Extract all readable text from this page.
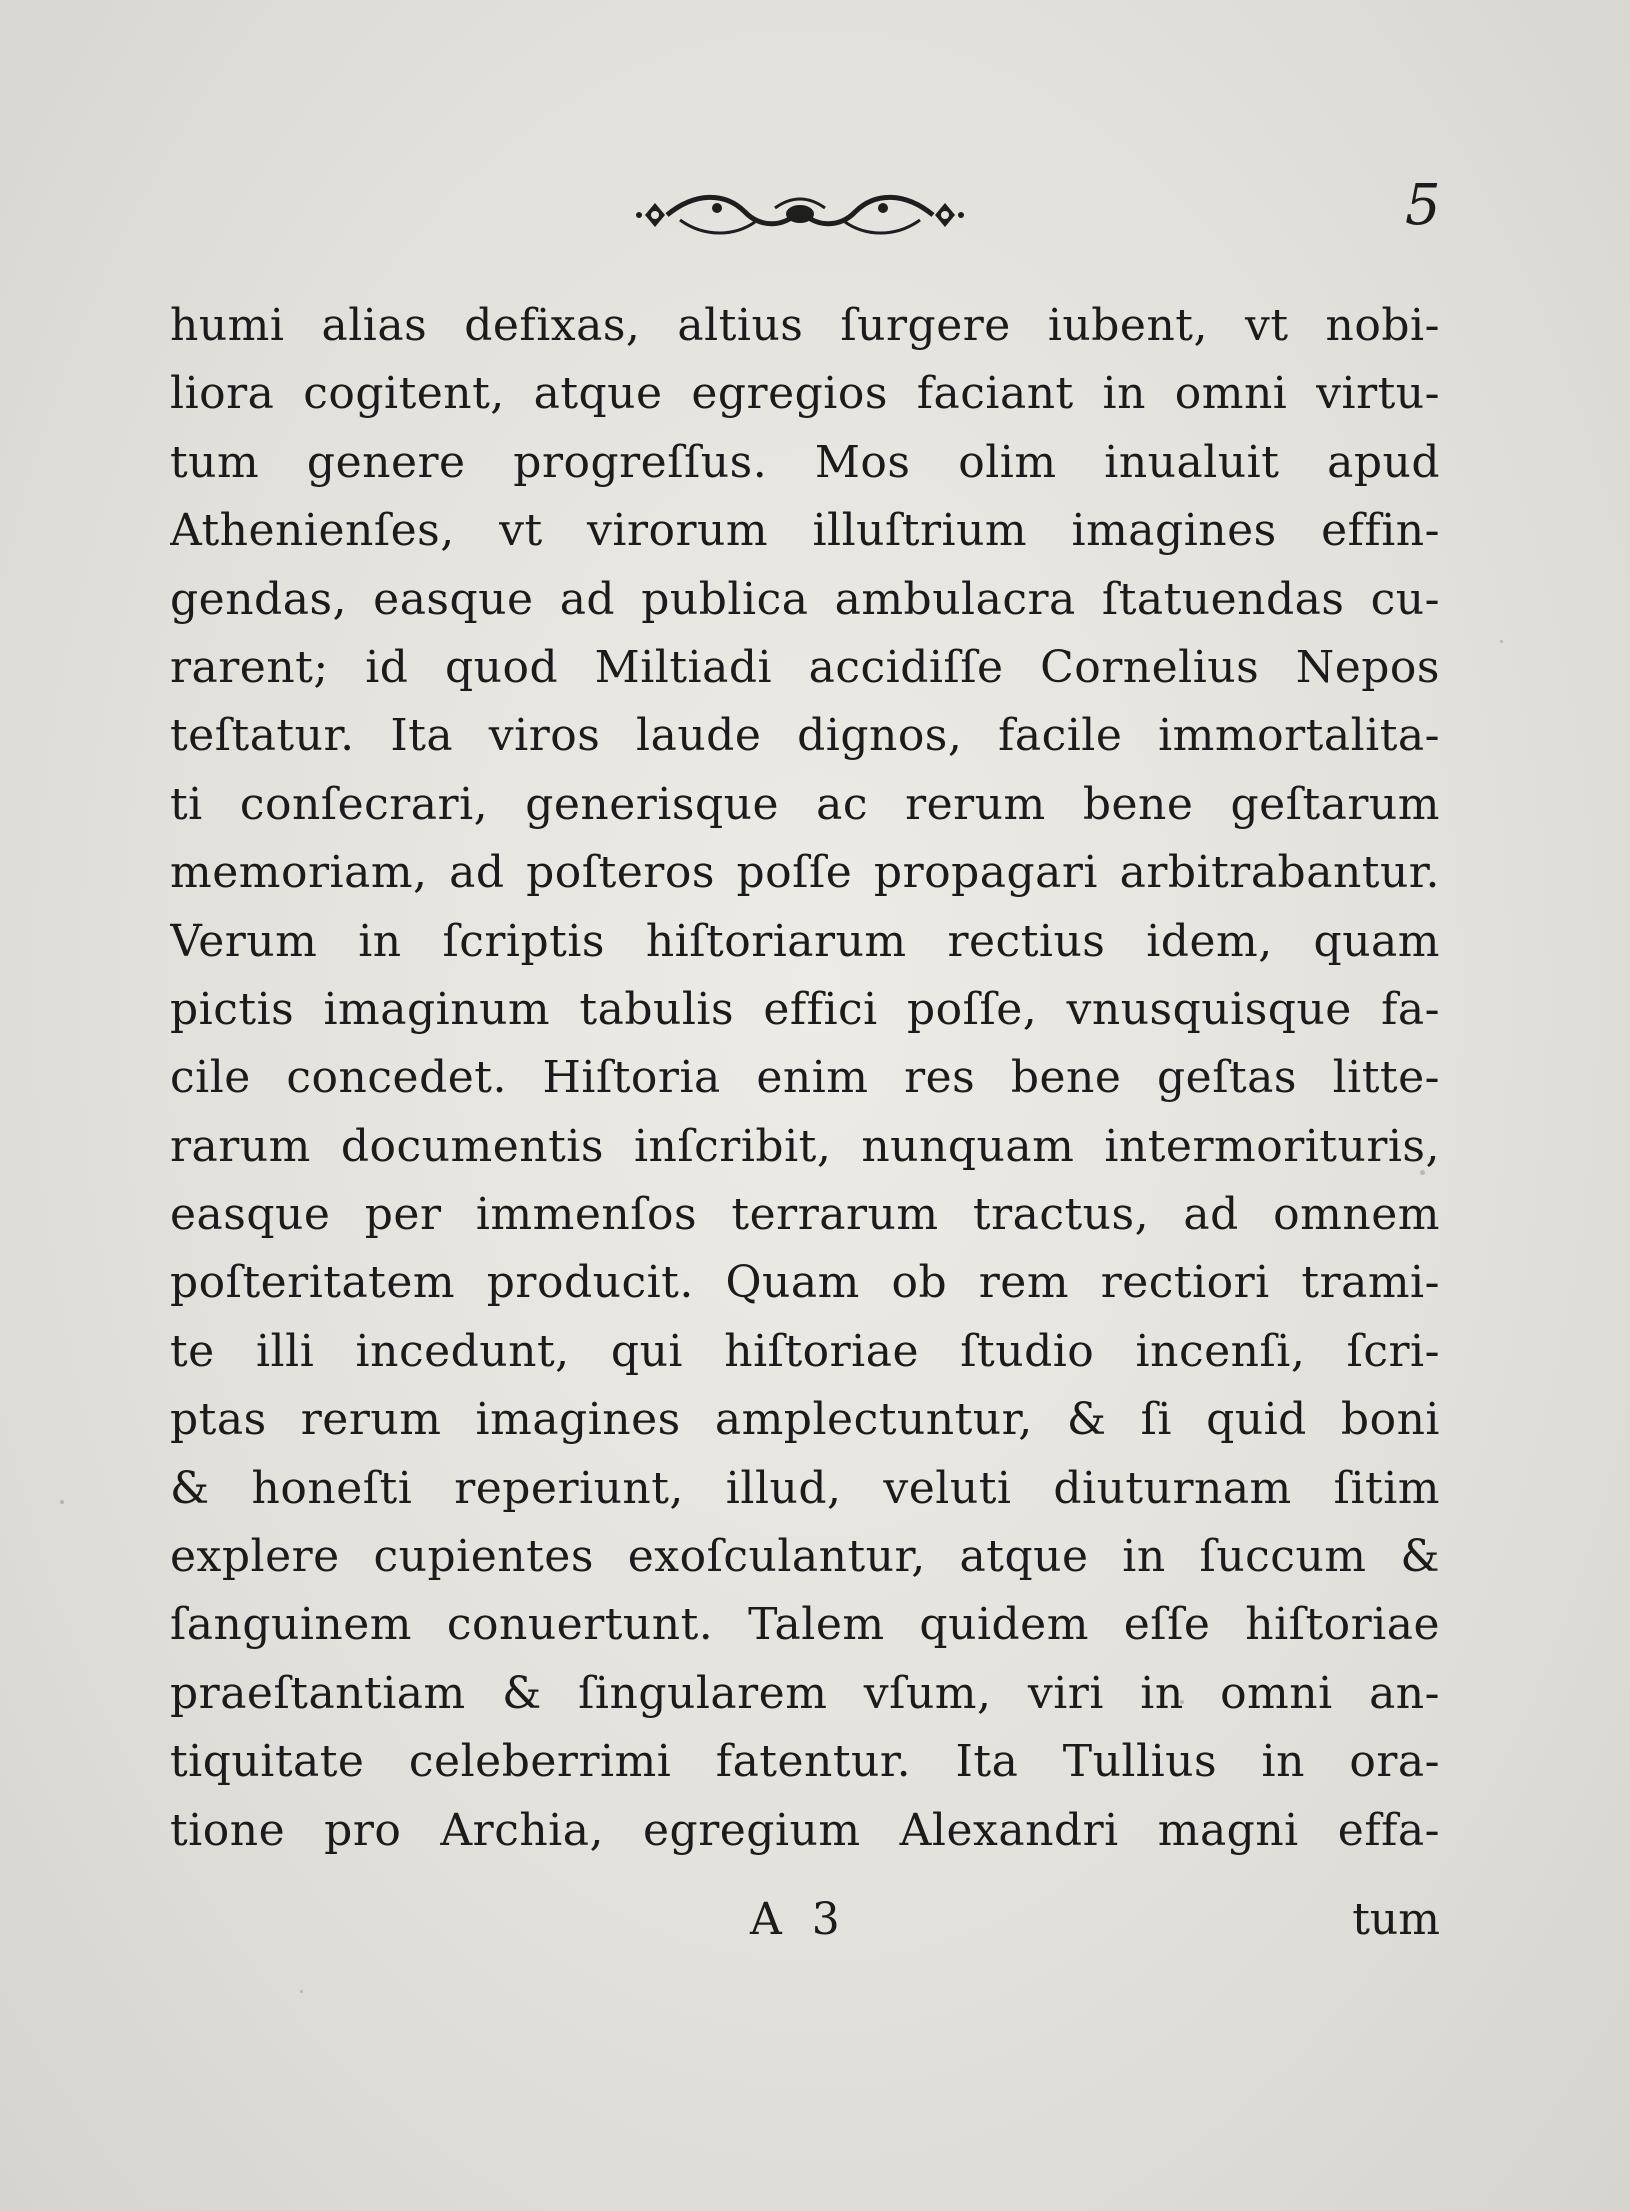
5
humi alias defixas, altius ſurgere iubent, vt nobi-
liora cogitent, atque egregios faciant in omni virtu-
tum genere progreſſus. Mos olim inualuit apud
Athenienſes, vt virorum illuſtrium imagines effin-
gendas, easque ad publica ambulacra ſtatuendas cu-
rarent; id quod Miltiadi accidiſſe Cornelius Nepos
teſtatur. Ita viros laude dignos, facile immortalita-
ti conſecrari, generisque ac rerum bene geſtarum
memoriam, ad poſteros poſſe propagari arbitrabantur.
Verum in ſcriptis hiſtoriarum rectius idem, quam
pictis imaginum tabulis effici poſſe, vnusquisque fa-
cile concedet. Hiſtoria enim res bene geſtas litte-
rarum documentis inſcribit, nunquam intermorituris,
easque per immenſos terrarum tractus, ad omnem
poſteritatem producit. Quam ob rem rectiori trami-
te illi incedunt, qui hiſtoriae ſtudio incenſi, ſcri-
ptas rerum imagines amplectuntur, & ſi quid boni
& honeſti reperiunt, illud, veluti diuturnam ſitim
explere cupientes exoſculantur, atque in ſuccum &
ſanguinem conuertunt. Talem quidem eſſe hiſtoriae
praeſtantiam & ſingularem vſum, viri in omni an-
tiquitate celeberrimi fatentur. Ita Tullius in ora-
tione pro Archia, egregium Alexandri magni effa-
A 3	tum
